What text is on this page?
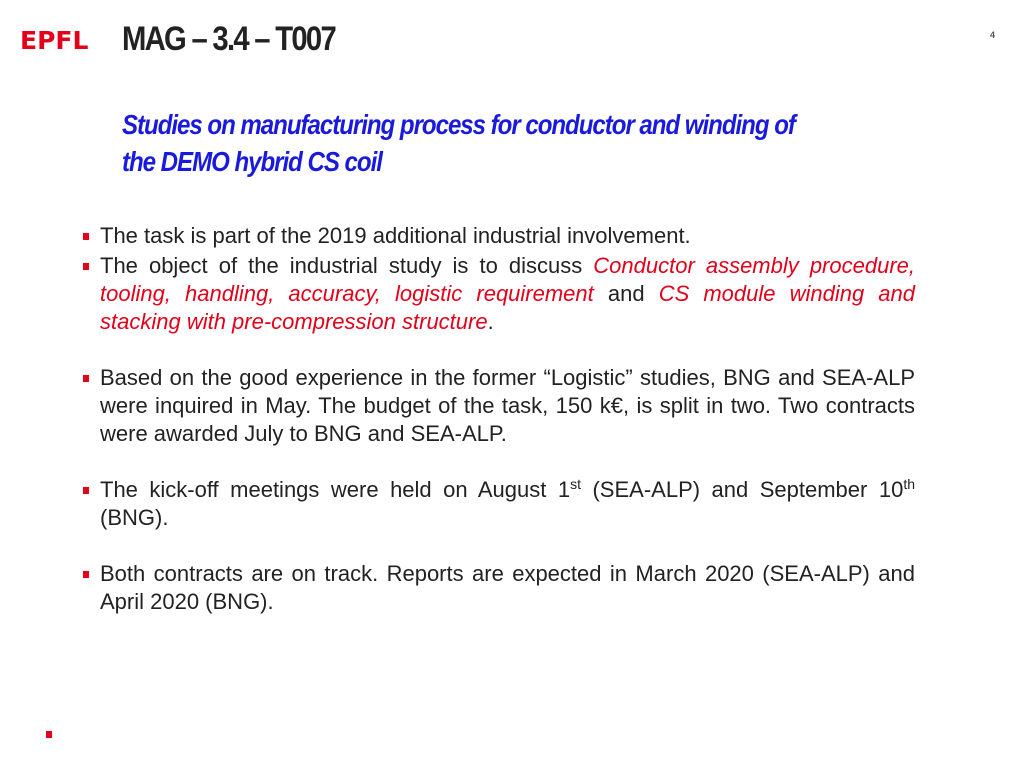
EPFL MAG – 3.4 – T007	4
Studies on manufacturing process for conductor and winding of
the DEMO hybrid CS coil
The task is part of the 2019 additional industrial involvement.
The object of the industrial study is to discuss Conductor assembly procedure, tooling, handling, accuracy, logistic requirement and CS module winding and stacking with pre-compression structure.
Based on the good experience in the former “Logistic” studies, BNG and SEA-ALP were inquired in May. The budget of the task, 150 k€, is split in two. Two contracts were awarded July to BNG and SEA-ALP.
The kick-off meetings were held on August 1st (SEA-ALP) and September 10th (BNG).
Both contracts are on track. Reports are expected in March 2020 (SEA-ALP) and April 2020 (BNG).
